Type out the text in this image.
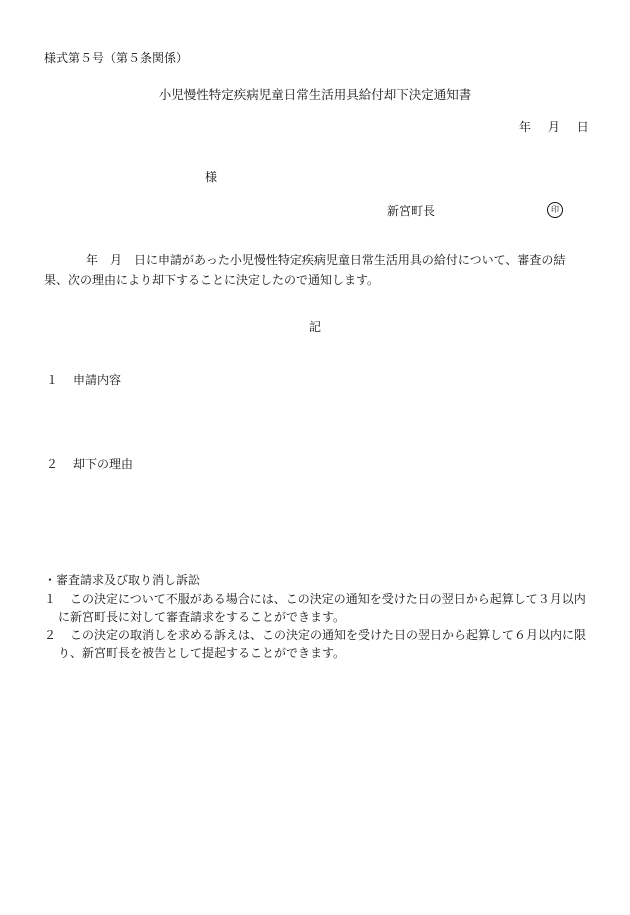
様式第５号（第５条関係）
小児慢性特定疾病児童日常生活用具給付却下決定通知書
年 月 日
様
新宮町長	印
年　月　日に申請があった小児慢性特定疾病児童日常生活用具の給付について、審査の結果、次の理由により却下することに決定したので通知します。
記
１ 申請内容
２ 却下の理由
・審査請求及び取り消し訴訟
１ この決定について不服がある場合には、この決定の通知を受けた日の翌日から起算して３月以内に新宮町長に対して審査請求をすることができます。
２ この決定の取消しを求める訴えは、この決定の通知を受けた日の翌日から起算して６月以内に限り、新宮町長を被告として提起することができます。
